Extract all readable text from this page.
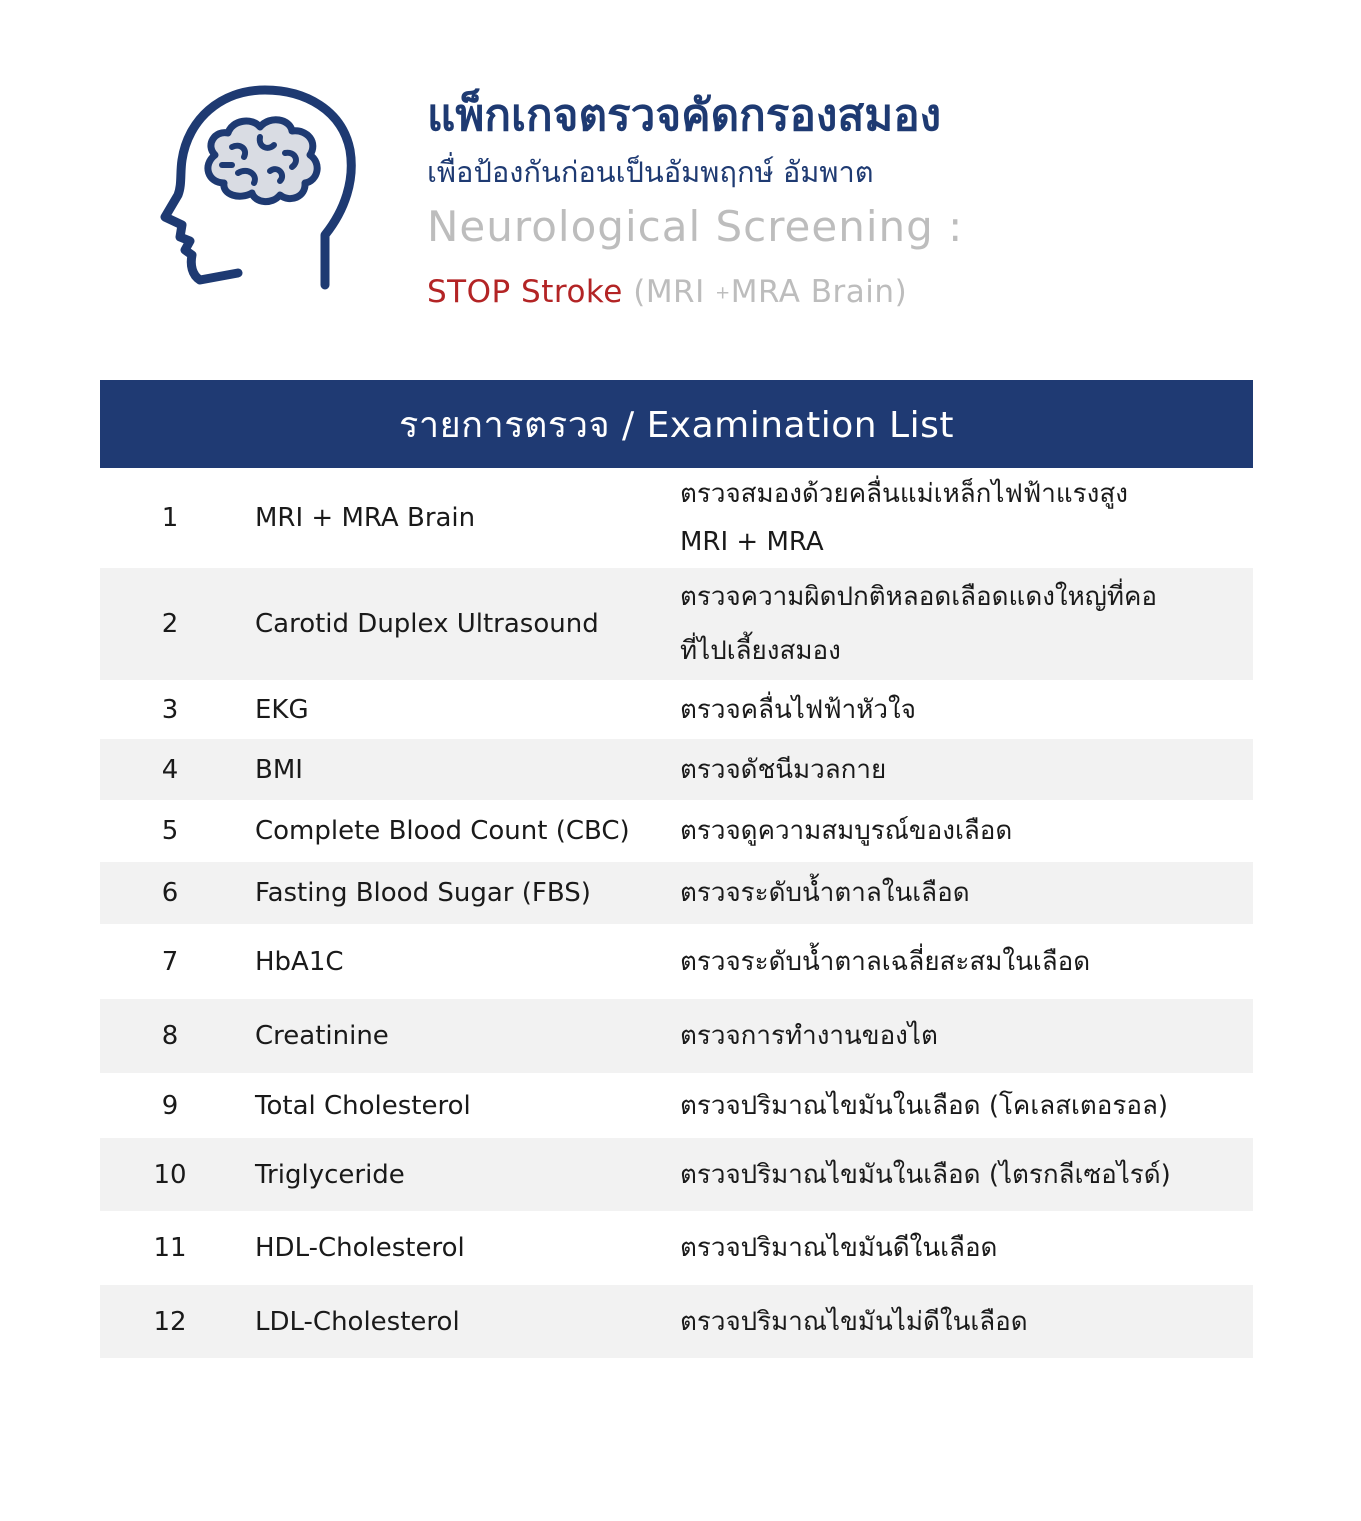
แพ็กเกจตรวจคัดกรองสมอง
เพื่อป้องกันก่อนเป็นอัมพฤกษ์ อัมพาต
Neurological Screening :
STOP Stroke (MRI +MRA Brain)
รายการตรวจ / Examination List
1	MRI + MRA Brain
ตรวจสมองด้วยคลื่นแม่เหล็กไฟฟ้าแรงสูง
MRI + MRA
2	Carotid Duplex Ultrasound
ตรวจความผิดปกติหลอดเลือดแดงใหญ่ที่คอ
ที่ไปเลี้ยงสมอง
3	EKG	ตรวจคลื่นไฟฟ้าหัวใจ
4	BMI	ตรวจดัชนีมวลกาย
5	Complete Blood Count (CBC) ตรวจดูความสมบูรณ์ของเลือด
6	Fasting Blood Sugar (FBS)	ตรวจระดับน้ำตาลในเลือด
7	HbA1C	ตรวจระดับน้ำตาลเฉลี่ยสะสมในเลือด
8	Creatinine	ตรวจการทำงานของไต
9	Total Cholesterol	ตรวจปริมาณไขมันในเลือด (โคเลสเตอรอล)
10	Triglyceride	ตรวจปริมาณไขมันในเลือด (ไตรกลีเซอไรด์)
11	HDL-Cholesterol	ตรวจปริมาณไขมันดีในเลือด
12	LDL-Cholesterol	ตรวจปริมาณไขมันไม่ดีในเลือด
